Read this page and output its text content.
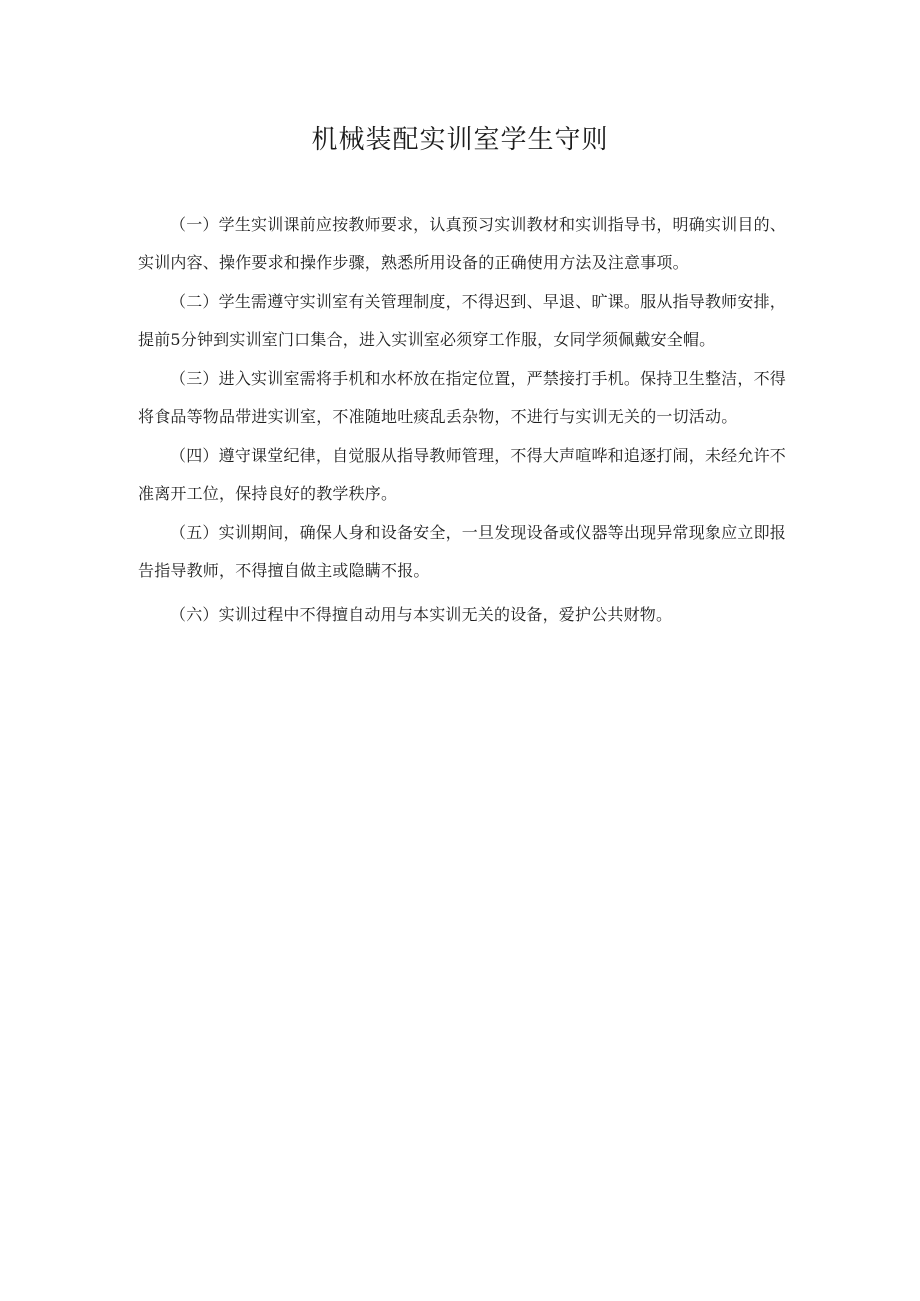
机械装配实训室学生守则

（一）学生实训课前应按教师要求，认真预习实训教材和实训指导书，明确实训目的、实训内容、操作要求和操作步骤，熟悉所用设备的正确使用方法及注意事项。

（二）学生需遵守实训室有关管理制度，不得迟到、早退、旷课。服从指导教师安排，提前5分钟到实训室门口集合，进入实训室必须穿工作服，女同学须佩戴安全帽。

（三）进入实训室需将手机和水杯放在指定位置，严禁接打手机。保持卫生整洁，不得将食品等物品带进实训室，不准随地吐痰乱丢杂物，不进行与实训无关的一切活动。

（四）遵守课堂纪律，自觉服从指导教师管理，不得大声喧哗和追逐打闹，未经允许不准离开工位，保持良好的教学秩序。

（五）实训期间，确保人身和设备安全，一旦发现设备或仪器等出现异常现象应立即报告指导教师，不得擅自做主或隐瞒不报。

（六）实训过程中不得擅自动用与本实训无关的设备，爱护公共财物。
